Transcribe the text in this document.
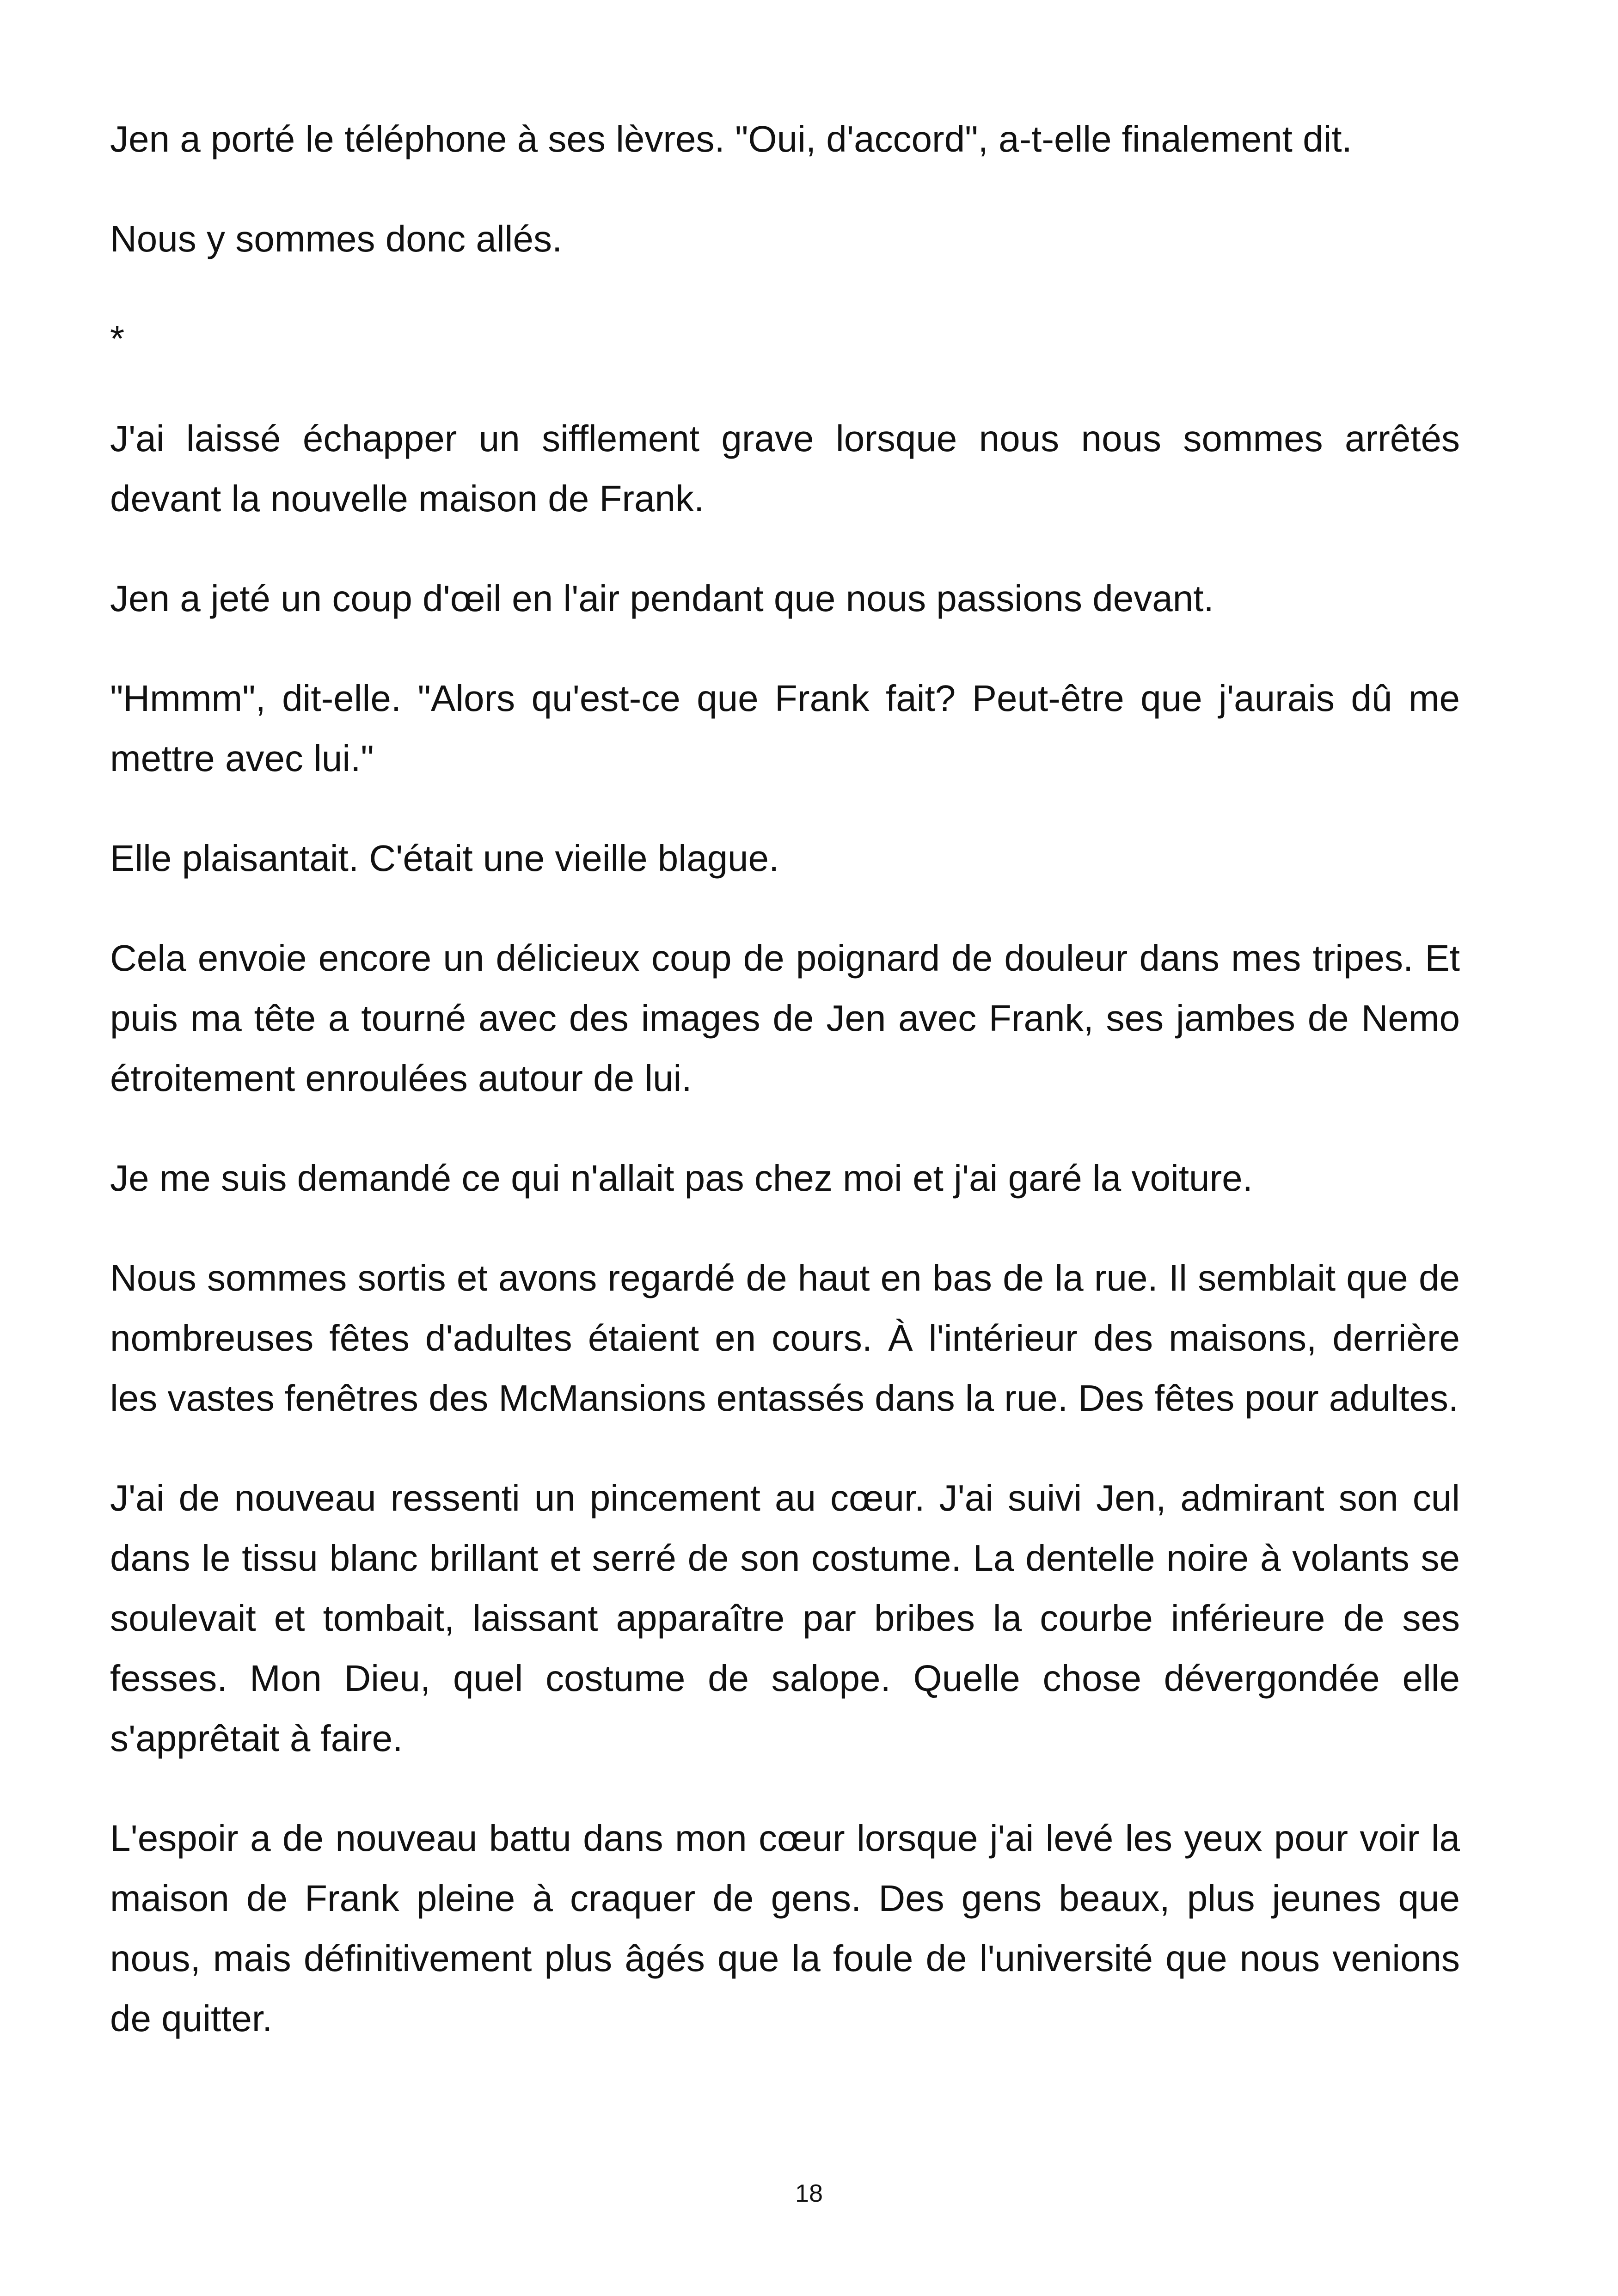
Jen a porté le téléphone à ses lèvres. "Oui, d'accord", a-t-elle finalement dit.

Nous y sommes donc allés.

*

J'ai laissé échapper un sifflement grave lorsque nous nous sommes arrêtés devant la nouvelle maison de Frank.

Jen a jeté un coup d'œil en l'air pendant que nous passions devant.

"Hmmm", dit-elle. "Alors qu'est-ce que Frank fait? Peut-être que j'aurais dû me mettre avec lui."

Elle plaisantait. C'était une vieille blague.

Cela envoie encore un délicieux coup de poignard de douleur dans mes tripes. Et puis ma tête a tourné avec des images de Jen avec Frank, ses jambes de Nemo étroitement enroulées autour de lui.

Je me suis demandé ce qui n'allait pas chez moi et j'ai garé la voiture.

Nous sommes sortis et avons regardé de haut en bas de la rue. Il semblait que de nombreuses fêtes d'adultes étaient en cours. À l'intérieur des maisons, derrière les vastes fenêtres des McMansions entassés dans la rue. Des fêtes pour adultes.

J'ai de nouveau ressenti un pincement au cœur. J'ai suivi Jen, admirant son cul dans le tissu blanc brillant et serré de son costume. La dentelle noire à volants se soulevait et tombait, laissant apparaître par bribes la courbe inférieure de ses fesses. Mon Dieu, quel costume de salope. Quelle chose dévergondée elle s'apprêtait à faire.

L'espoir a de nouveau battu dans mon cœur lorsque j'ai levé les yeux pour voir la maison de Frank pleine à craquer de gens. Des gens beaux, plus jeunes que nous, mais définitivement plus âgés que la foule de l'université que nous venions de quitter.

18
